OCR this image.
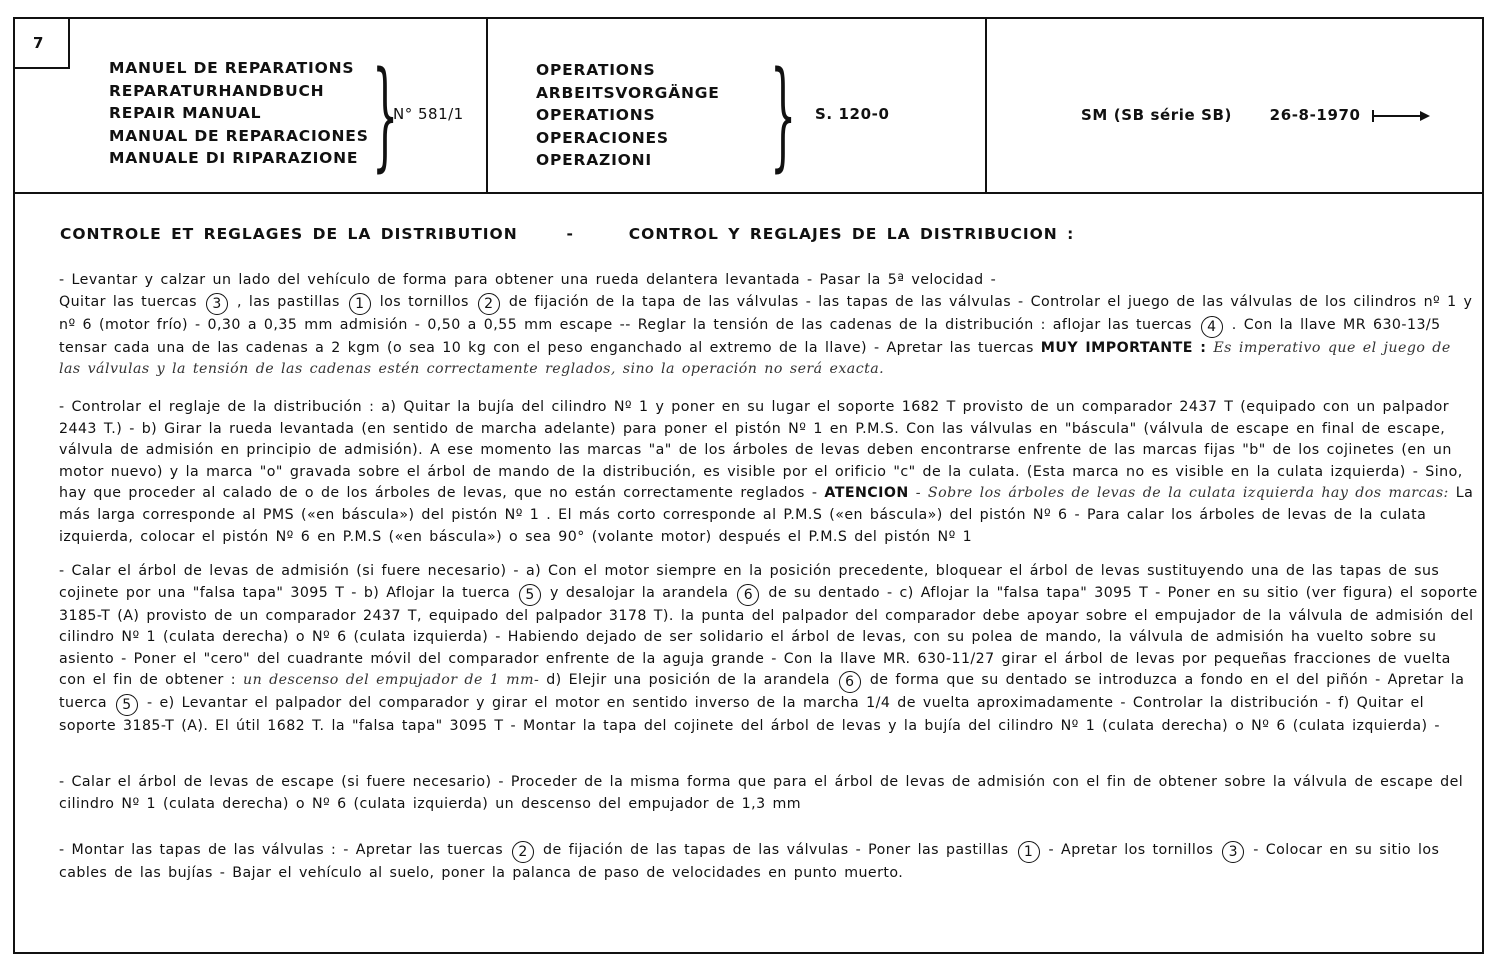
7
MANUEL DE REPARATIONS
REPARATURHANDBUCH
REPAIR MANUAL
MANUAL DE REPARACIONES
MANUALE DI RIPARAZIONE }
N° 581/1
OPERATIONS
ARBEITSVORGÄNGE
OPERATIONS
OPERACIONES
OPERAZIONI	} S. 120-0	SM (SB série SB)	26-8-1970
CONTROLE ET REGLAGES DE LA DISTRIBUTION	-	CONTROL Y REGLAJES DE LA DISTRIBUCION :

- Levantar y calzar un lado del vehículo de forma para obtener una rueda delantera levantada - Pasar la 5ª velocidad -
Quitar las tuercas 3 , las pastillas 1 los tornillos 2 de fijación de la tapa de las válvulas - las tapas de las válvulas - Controlar el juego de las válvulas de los cilindros nº 1 y nº 6 (motor frío) - 0,30 a 0,35 mm admisión - 0,50 a 0,55 mm escape -- Reglar la tensión de las cadenas de la distribución : aflojar las tuercas 4 . Con la llave MR 630-13/5 tensar cada una de las cadenas a 2 kgm (o sea 10 kg con el peso enganchado al extremo de la llave) - Apretar las tuercas MUY IMPORTANTE : Es imperativo que el juego de las válvulas y la tensión de las cadenas estén correctamente reglados, sino la operación no será exacta.

- Controlar el reglaje de la distribución : a) Quitar la bujía del cilindro Nº 1 y poner en su lugar el soporte 1682 T provisto de un comparador 2437 T (equipado con un palpador 2443 T.) - b) Girar la rueda levantada (en sentido de marcha adelante) para poner el pistón Nº 1 en P.M.S. Con las válvulas en "báscula" (válvula de escape en final de escape, válvula de admisión en principio de admisión). A ese momento las marcas "a" de los árboles de levas deben encontrarse enfrente de las marcas fijas "b" de los cojinetes (en un motor nuevo) y la marca "o" gravada sobre el árbol de mando de la distribución, es visible por el orificio "c" de la culata. (Esta marca no es visible en la culata izquierda) - Sino, hay que proceder al calado de o de los árboles de levas, que no están correctamente reglados - ATENCION - Sobre los árboles de levas de la culata izquierda hay dos marcas: La más larga corresponde al PMS («en báscula») del pistón Nº 1 . El más corto corresponde al P.M.S («en báscula») del pistón Nº 6 - Para calar los árboles de levas de la culata izquierda, colocar el pistón Nº 6 en P.M.S («en báscula») o sea 90° (volante motor) después el P.M.S del pistón Nº 1

- Calar el árbol de levas de admisión (si fuere necesario) - a) Con el motor siempre en la posición precedente, bloquear el árbol de levas sustituyendo una de las tapas de sus cojinete por una "falsa tapa" 3095 T - b) Aflojar la tuerca 5 y desalojar la arandela 6 de su dentado - c) Aflojar la "falsa tapa" 3095 T - Poner en su sitio (ver figura) el soporte 3185-T (A) provisto de un comparador 2437 T, equipado del palpador 3178 T). la punta del palpador del comparador debe apoyar sobre el empujador de la válvula de admisión del cilindro Nº 1 (culata derecha) o Nº 6 (culata izquierda) - Habiendo dejado de ser solidario el árbol de levas, con su polea de mando, la válvula de admisión ha vuelto sobre su asiento - Poner el "cero" del cuadrante móvil del comparador enfrente de la aguja grande - Con la llave MR. 630-11/27 girar el árbol de levas por pequeñas fracciones de vuelta con el fin de obtener : un descenso del empujador de 1 mm- d) Elejir una posición de la arandela 6 de forma que su dentado se introduzca a fondo en el del piñón - Apretar la tuerca 5 - e) Levantar el palpador del comparador y girar el motor en sentido inverso de la marcha 1/4 de vuelta aproximadamente - Controlar la distribución - f) Quitar el soporte 3185-T (A). El útil 1682 T. la "falsa tapa" 3095 T - Montar la tapa del cojinete del árbol de levas y la bujía del cilindro Nº 1 (culata derecha) o Nº 6 (culata izquierda) -

- Calar el árbol de levas de escape (si fuere necesario) - Proceder de la misma forma que para el árbol de levas de admisión con el fin de obtener sobre la válvula de escape del cilindro Nº 1 (culata derecha) o Nº 6 (culata izquierda) un descenso del empujador de 1,3 mm

- Montar las tapas de las válvulas : - Apretar las tuercas 2 de fijación de las tapas de las válvulas - Poner las pastillas 1 - Apretar los tornillos 3 - Colocar en su sitio los cables de las bujías - Bajar el vehículo al suelo, poner la palanca de paso de velocidades en punto muerto.
